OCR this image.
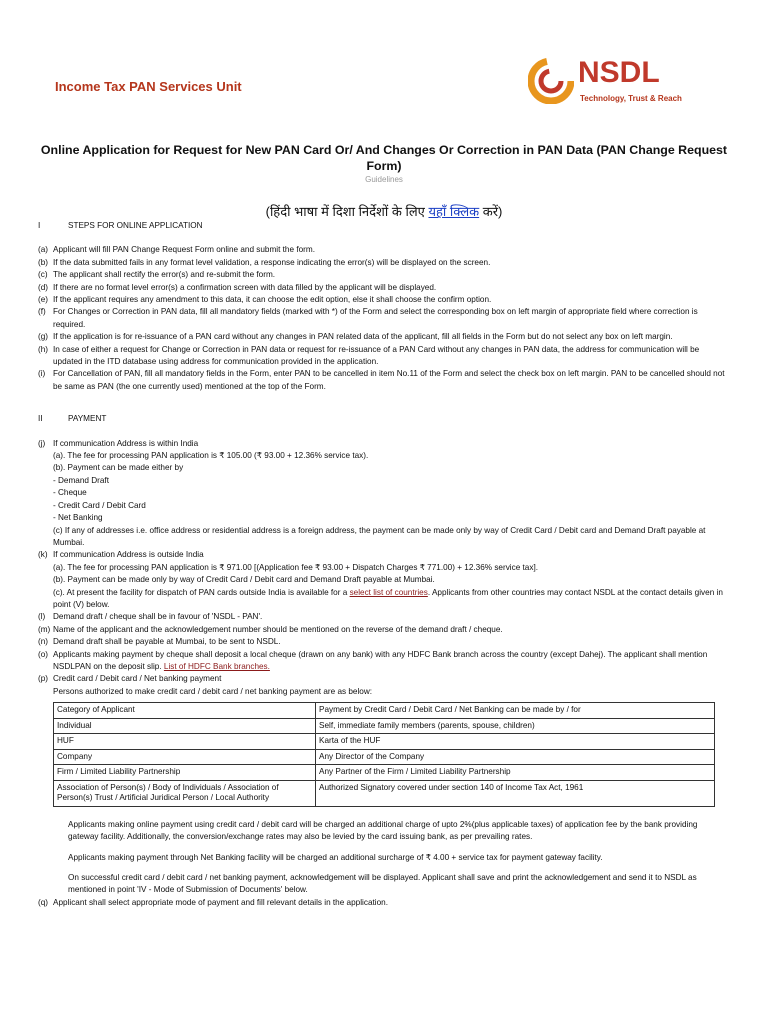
Income Tax PAN Services Unit	NSDL
Technology, Trust & Reach
Online Application for Request for New PAN Card Or/ And Changes Or Correction in PAN Data (PAN Change Request Form)
Guidelines
(हिंदी भाषा में दिशा निर्देशों के लिए यहाँ क्लिक करें)
I	STEPS FOR ONLINE APPLICATION
(a) Applicant will fill PAN Change Request Form online and submit the form.
(b) If the data submitted fails in any format level validation, a response indicating the error(s) will be displayed on the screen.
(c) The applicant shall rectify the error(s) and re-submit the form.
(d) If there are no format level error(s) a confirmation screen with data filled by the applicant will be displayed.
(e) If the applicant requires any amendment to this data, it can choose the edit option, else it shall choose the confirm option.
(f) For Changes or Correction in PAN data, fill all mandatory fields (marked with *) of the Form and select the corresponding box on left margin of appropriate field where correction is required.
(g) If the application is for re-issuance of a PAN card without any changes in PAN related data of the applicant, fill all fields in the Form but do not select any box on left margin.
(h) In case of either a request for Change or Correction in PAN data or request for re-issuance of a PAN Card without any changes in PAN data, the address for communication will be updated in the ITD database using address for communication provided in the application.
(i) For Cancellation of PAN, fill all mandatory fields in the Form, enter PAN to be cancelled in item No.11 of the Form and select the check box on left margin. PAN to be cancelled should not be same as PAN (the one currently used) mentioned at the top of the Form.
II	PAYMENT
(j) If communication Address is within India
(a). The fee for processing PAN application is ₹ 105.00 (₹ 93.00 + 12.36% service tax).
(b). Payment can be made either by
- Demand Draft
- Cheque
- Credit Card / Debit Card
- Net Banking
(c) If any of addresses i.e. office address or residential address is a foreign address, the payment can be made only by way of Credit Card / Debit card and Demand Draft payable at Mumbai.
(k) If communication Address is outside India
(a). The fee for processing PAN application is ₹ 971.00 [(Application fee ₹ 93.00 + Dispatch Charges ₹ 771.00) + 12.36% service tax].
(b). Payment can be made only by way of Credit Card / Debit card and Demand Draft payable at Mumbai.
(c). At present the facility for dispatch of PAN cards outside India is available for a select list of countries. Applicants from other countries may contact NSDL at the contact details given in point (V) below.
(l) Demand draft / cheque shall be in favour of 'NSDL - PAN'.
(m) Name of the applicant and the acknowledgement number should be mentioned on the reverse of the demand draft / cheque.
(n) Demand draft shall be payable at Mumbai, to be sent to NSDL.
(o) Applicants making payment by cheque shall deposit a local cheque (drawn on any bank) with any HDFC Bank branch across the country (except Dahej). The applicant shall mention NSDLPAN on the deposit slip. List of HDFC Bank branches.
(p) Credit card / Debit card / Net banking payment
Persons authorized to make credit card / debit card / net banking payment are as below:
Category of Applicant	Payment by Credit Card / Debit Card / Net Banking can be made by / for
Individual	Self, immediate family members (parents, spouse, children)
HUF	Karta of the HUF
Company	Any Director of the Company
Firm / Limited Liability Partnership	Any Partner of the Firm / Limited Liability Partnership
Association of Person(s) / Body of Individuals / Association of Person(s) Trust / Artificial Juridical Person / Local Authority	Authorized Signatory covered under section 140 of Income Tax Act, 1961
Applicants making online payment using credit card / debit card will be charged an additional charge of upto 2%(plus applicable taxes) of application fee by the bank providing gateway facility. Additionally, the conversion/exchange rates may also be levied by the card issuing bank, as per prevailing rates.
Applicants making payment through Net Banking facility will be charged an additional surcharge of ₹ 4.00 + service tax for payment gateway facility.
On successful credit card / debit card / net banking payment, acknowledgement will be displayed. Applicant shall save and print the acknowledgement and send it to NSDL as mentioned in point 'IV - Mode of Submission of Documents' below.
(q) Applicant shall select appropriate mode of payment and fill relevant details in the application.
